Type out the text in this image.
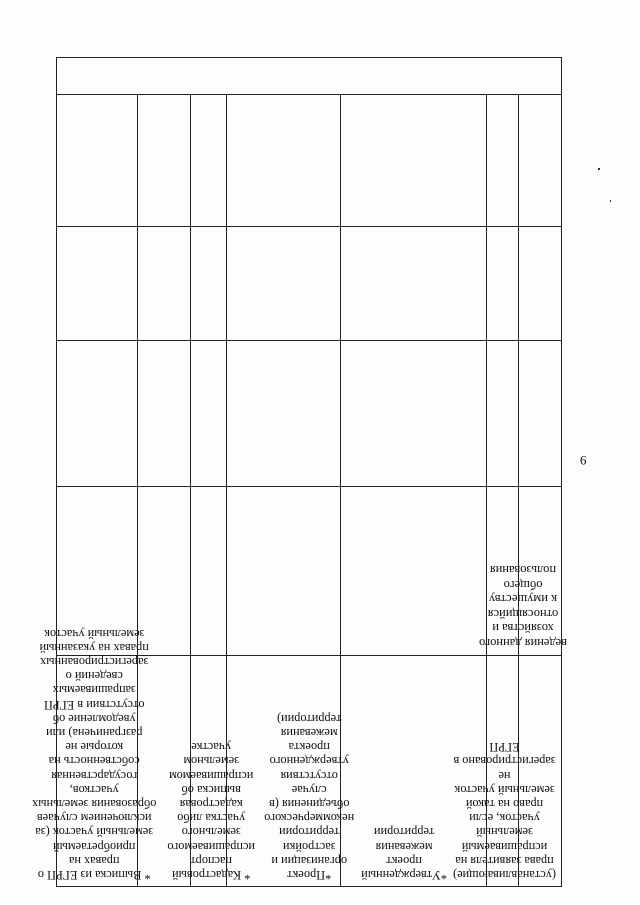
9
ведения данного
хозяйства и относящийся
к имуществу общего
пользования
(устанавливающие) права заявителя на испрашиваемый земельный участок, если право на такой земельный участок не зарегистрировано в ЕГРП
*Утвержденный проект межевания территории
*Проект организации и застройки территории некоммерческого объединения (в случае отсутствия утвержденного проекта межевания территории)
* Кадастровый паспорт испрашиваемого земельного участка либо кадастровая выписка об испрашиваемом земельном участке
* Выписка из ЕГРП о правах на приобретаемый земельный участок (за исключением случаев образования земельных участков, государственная собственность на которые не разграничена) или уведомление об отсутствии в ЕГРП запрашиваемых сведений о зарегистрированных правах на указанный земельный участок
